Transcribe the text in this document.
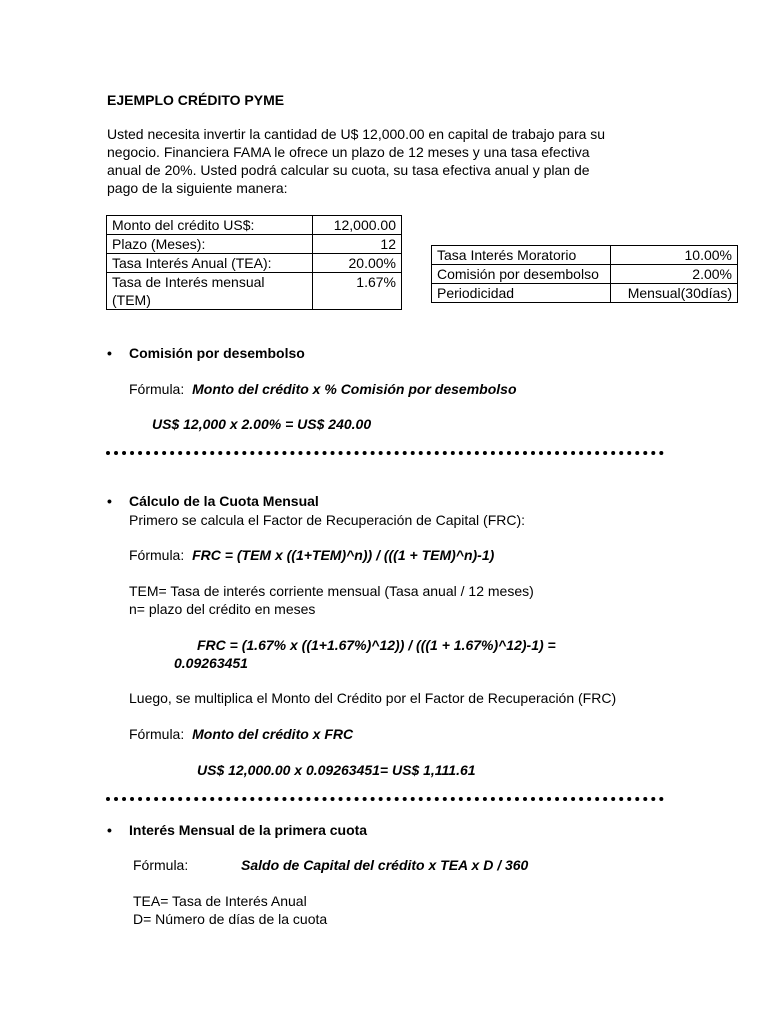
EJEMPLO CRÉDITO PYME
Usted necesita invertir la cantidad de U$ 12,000.00 en capital de trabajo para su
negocio. Financiera FAMA le ofrece un plazo de 12 meses y una tasa efectiva
anual de 20%. Usted podrá calcular su cuota, su tasa efectiva anual y plan de
pago de la siguiente manera:
Monto del crédito US$:	12,000.00
Plazo (Meses):	12
Tasa Interés Anual (TEA):	20.00%
Tasa de Interés mensual (TEM)	1.67%
Tasa Interés Moratorio	10.00%
Comisión por desembolso	2.00%
Periodicidad	Mensual(30días)
• Comisión por desembolso
Fórmula: Monto del crédito x % Comisión por desembolso
US$ 12,000 x 2.00% = US$ 240.00
• Cálculo de la Cuota Mensual
Primero se calcula el Factor de Recuperación de Capital (FRC):
Fórmula: FRC = (TEM x ((1+TEM)^n)) / (((1 + TEM)^n)-1)
TEM= Tasa de interés corriente mensual (Tasa anual / 12 meses)
n= plazo del crédito en meses
FRC = (1.67% x ((1+1.67%)^12)) / (((1 + 1.67%)^12)-1) =
0.09263451
Luego, se multiplica el Monto del Crédito por el Factor de Recuperación (FRC)
Fórmula: Monto del crédito x FRC
US$ 12,000.00 x 0.09263451= US$ 1,111.61
• Interés Mensual de la primera cuota
Fórmula:	Saldo de Capital del crédito x TEA x D / 360
TEA= Tasa de Interés Anual
D= Número de días de la cuota
